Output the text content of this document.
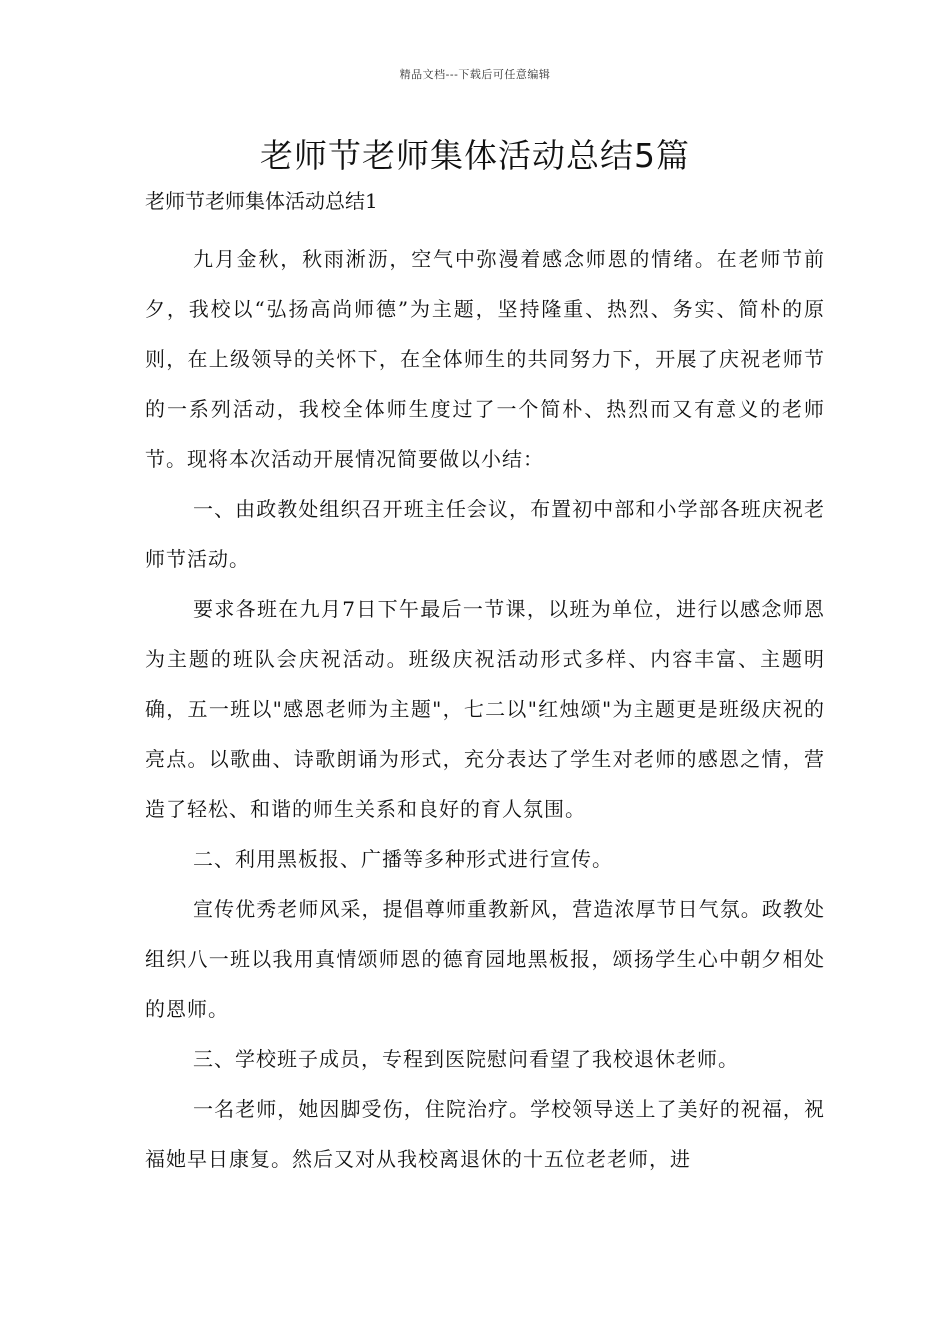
精品文档---下载后可任意编辑
老师节老师集体活动总结5篇

老师节老师集体活动总结1

九月金秋，秋雨淅沥，空气中弥漫着感念师恩的情绪。在老师节前夕，我校以“弘扬高尚师德”为主题，坚持隆重、热烈、务实、简朴的原则，在上级领导的关怀下，在全体师生的共同努力下，开展了庆祝老师节的一系列活动，我校全体师生度过了一个简朴、热烈而又有意义的老师节。现将本次活动开展情况简要做以小结：

一、由政教处组织召开班主任会议，布置初中部和小学部各班庆祝老师节活动。

要求各班在九月7日下午最后一节课，以班为单位，进行以感念师恩为主题的班队会庆祝活动。班级庆祝活动形式多样、内容丰富、主题明确，五一班以"感恩老师为主题"，七二以"红烛颂"为主题更是班级庆祝的亮点。以歌曲、诗歌朗诵为形式，充分表达了学生对老师的感恩之情，营造了轻松、和谐的师生关系和良好的育人氛围。

二、利用黑板报、广播等多种形式进行宣传。

宣传优秀老师风采，提倡尊师重教新风，营造浓厚节日气氛。政教处组织八一班以我用真情颂师恩的德育园地黑板报，颂扬学生心中朝夕相处的恩师。

三、学校班子成员，专程到医院慰问看望了我校退休老师。

一名老师，她因脚受伤，住院治疗。学校领导送上了美好的祝福，祝福她早日康复。然后又对从我校离退休的十五位老老师，进
